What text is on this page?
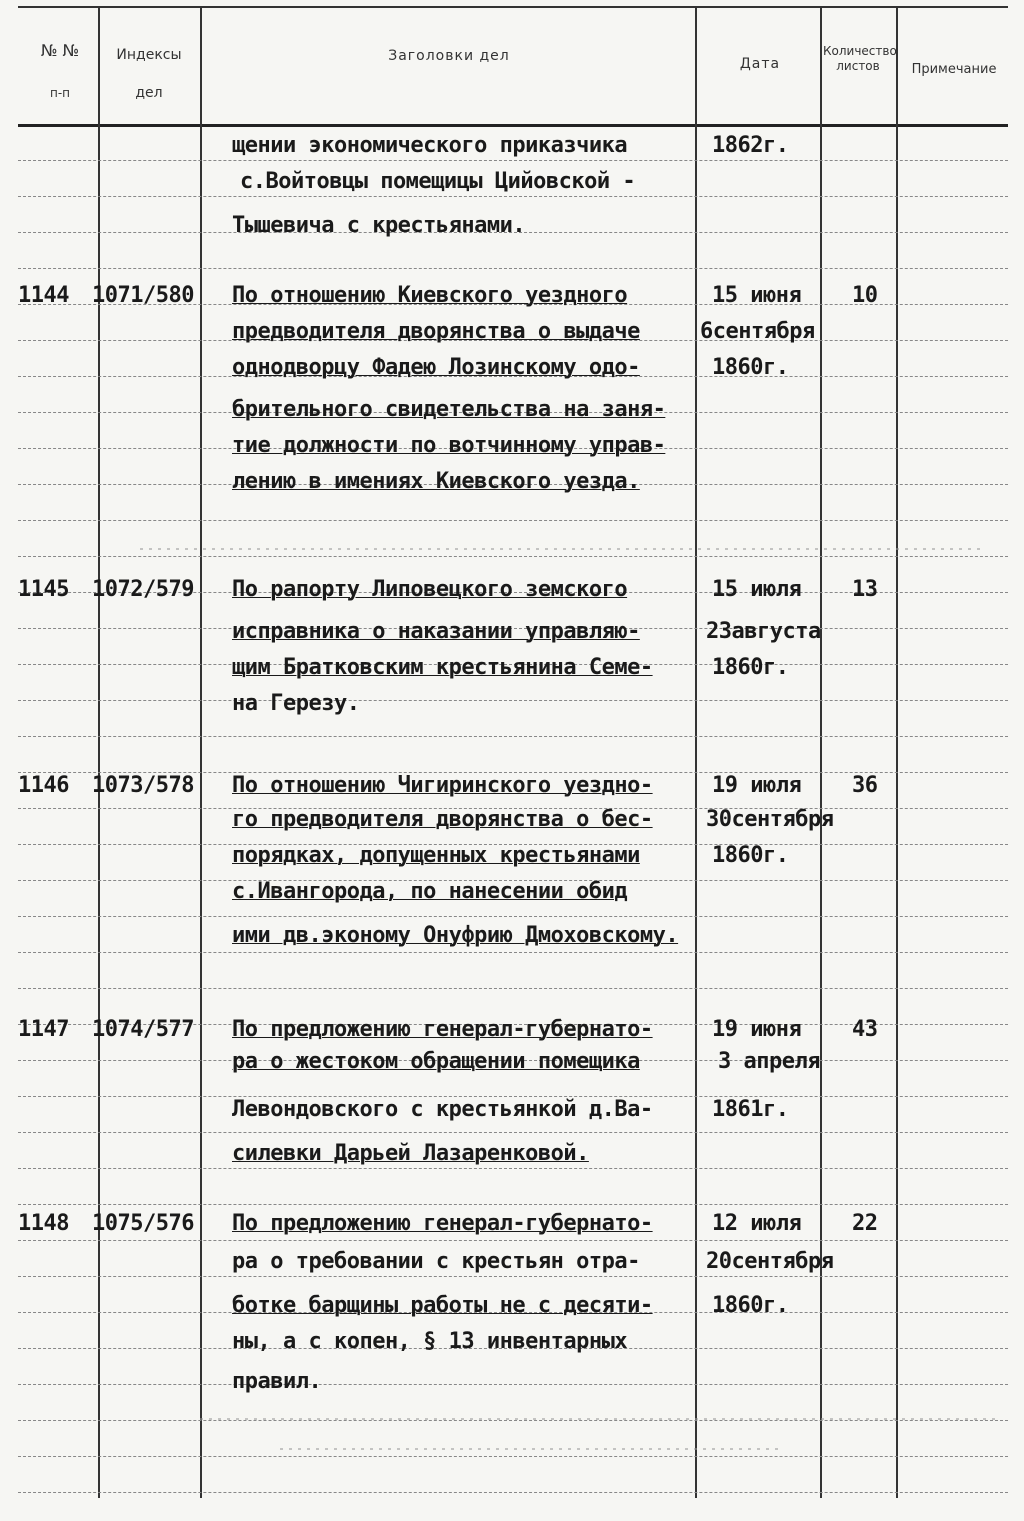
№ №
п-п
Индексы дел
Заголовки дел	Дата
Количество листов	Примечание
щении экономического приказчика
с.Войтовцы помещицы Цийовской -
Тышевича с крестьянами.
1862г.
1144 1071/580 По отношению Киевского уездного
предводителя дворянства о выдаче
однодворцу Фадею Лозинскому одо-
брительного свидетельства на заня-
тие должности по вотчинному управ-
лению в имениях Киевского уезда.
15 июня
6сентября
1860г.
10
1145 1072/579 По рапорту Липовецкого земского
исправника о наказании управляю-
щим Братковским крестьянина Семе-
на Герезу.
15 июля
23августа
1860г.
13
1146 1073/578 По отношению Чигиринского уездно-
го предводителя дворянства о бес-
порядках, допущенных крестьянами
с.Ивангорода, по нанесении обид
ими дв.экономy Онуфрию Дмоховскому.
19 июля
30сентября
1860г.
36
1147 1074/577 По предложению генерал-губернато-
ра о жестоком обращении помещика
Левондовского с крестьянкой д.Ва-
силевки Дарьей Лазаренковой.
19 июня
3 апреля
1861г.
43
1148 1075/576 По предложению генерал-губернато-
ра о требовании с крестьян отра-
ботке барщины работы не с десяти-
ны, а с копен, § 13 инвентарных
правил.
12 июля
20сентября
1860г.
22
